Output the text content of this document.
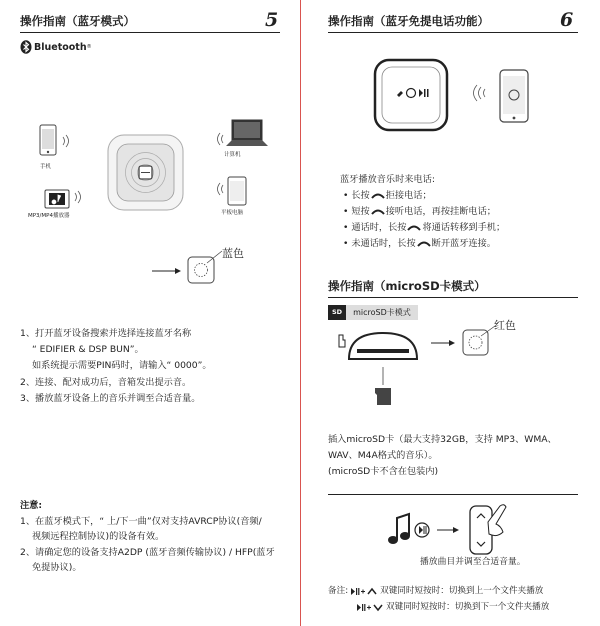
操作指南（蓝牙模式）	5
Bluetooth ®
手机
MP3/MP4播放器
计算机
平板电脑
蓝色
1、打开蓝牙设备搜索并选择连接蓝牙名称
“ EDIFIER & DSP BUN”。
如系统提示需要PIN码时，请输入“ 0000”。
2、连接、配对成功后，音箱发出提示音。
3、播放蓝牙设备上的音乐并调至合适音量。
注意:
1、在蓝牙模式下，“ 上/下一曲”仅对支持AVRCP协议(音频/
视频远程控制协议)的设备有效。
2、请确定您的设备支持A2DP (蓝牙音频传输协议) / HFP(蓝牙
免提协议)。
操作指南（蓝牙免提电话功能）	6
蓝牙播放音乐时来电话:
• 长按 拒接电话；
• 短按 接听电话，再按挂断电话；
• 通话时，长按 将通话转移到手机；
• 未通话时，长按 断开蓝牙连接。
操作指南（microSD卡模式）
SD	microSD卡模式
红色
插入microSD卡（最大支持32GB，支持 MP3、WMA、
WAV、M4A格式的音乐）。
(microSD卡不含在包装内)
播放曲目并调至合适音量。
备注:	双键同时短按时：切换到上一个文件夹播放
双键同时短按时：切换到下一个文件夹播放
